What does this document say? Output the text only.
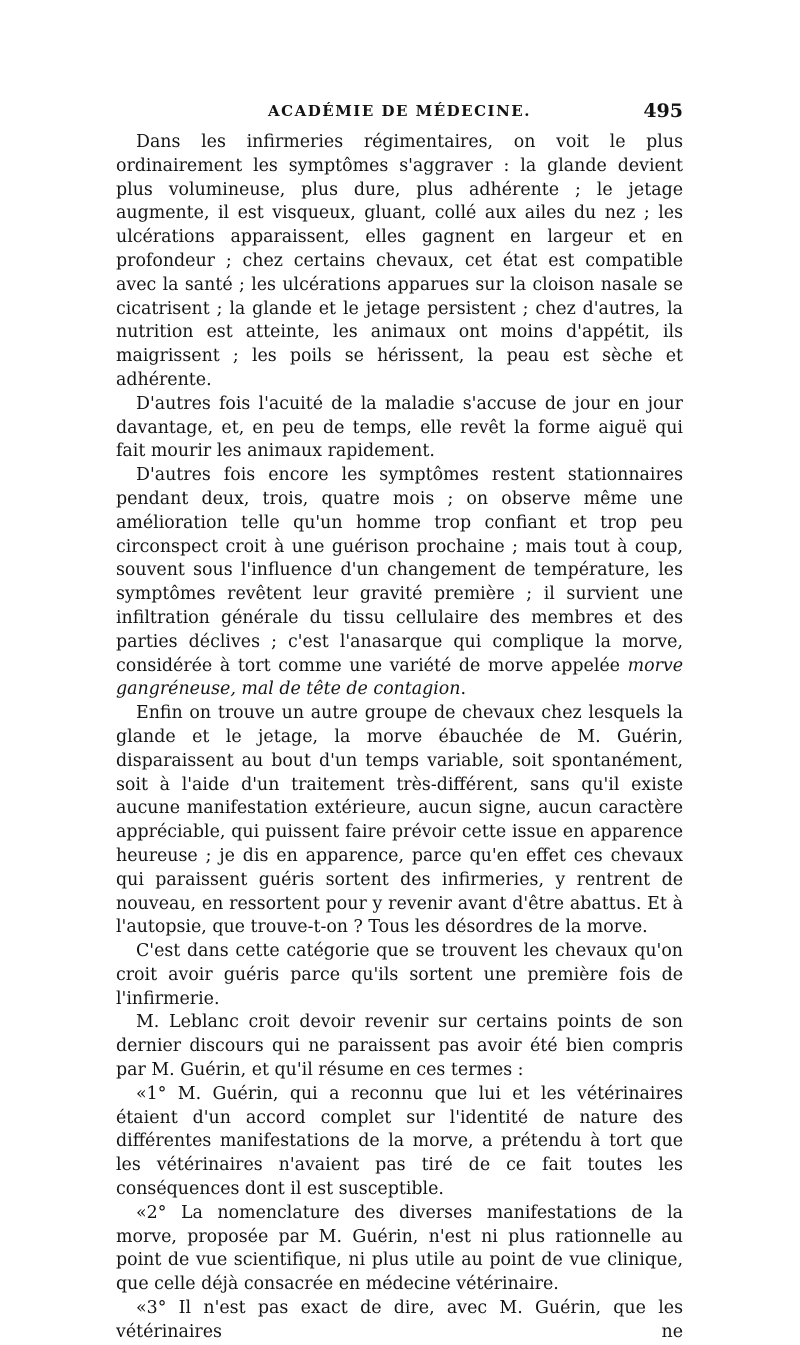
ACADÉMIE DE MÉDECINE.	495

Dans les infirmeries régimentaires, on voit le plus ordinairement les symptômes s'aggraver : la glande devient plus volumineuse, plus dure, plus adhérente ; le jetage augmente, il est visqueux, gluant, collé aux ailes du nez ; les ulcérations apparaissent, elles gagnent en largeur et en profondeur ; chez certains chevaux, cet état est compatible avec la santé ; les ulcérations apparues sur la cloison nasale se cicatrisent ; la glande et le jetage persistent ; chez d'autres, la nutrition est atteinte, les animaux ont moins d'appétit, ils maigrissent ; les poils se hérissent, la peau est sèche et adhérente.

D'autres fois l'acuité de la maladie s'accuse de jour en jour davantage, et, en peu de temps, elle revêt la forme aiguë qui fait mourir les animaux rapidement.

D'autres fois encore les symptômes restent stationnaires pendant deux, trois, quatre mois ; on observe même une amélioration telle qu'un homme trop confiant et trop peu circonspect croit à une guérison prochaine ; mais tout à coup, souvent sous l'influence d'un changement de température, les symptômes revêtent leur gravité première ; il survient une infiltration générale du tissu cellulaire des membres et des parties déclives ; c'est l'anasarque qui complique la morve, considérée à tort comme une variété de morve appelée morve gangréneuse, mal de tête de contagion.

Enfin on trouve un autre groupe de chevaux chez lesquels la glande et le jetage, la morve ébauchée de M. Guérin, disparaissent au bout d'un temps variable, soit spontanément, soit à l'aide d'un traitement très-différent, sans qu'il existe aucune manifestation extérieure, aucun signe, aucun caractère appréciable, qui puissent faire prévoir cette issue en apparence heureuse ; je dis en apparence, parce qu'en effet ces chevaux qui paraissent guéris sortent des infirmeries, y rentrent de nouveau, en ressortent pour y revenir avant d'être abattus. Et à l'autopsie, que trouve-t-on ? Tous les désordres de la morve.

C'est dans cette catégorie que se trouvent les chevaux qu'on croit avoir guéris parce qu'ils sortent une première fois de l'infirmerie.

M. Leblanc croit devoir revenir sur certains points de son dernier discours qui ne paraissent pas avoir été bien compris par M. Guérin, et qu'il résume en ces termes :

«1° M. Guérin, qui a reconnu que lui et les vétérinaires étaient d'un accord complet sur l'identité de nature des différentes manifestations de la morve, a prétendu à tort que les vétérinaires n'avaient pas tiré de ce fait toutes les conséquences dont il est susceptible.

«2° La nomenclature des diverses manifestations de la morve, proposée par M. Guérin, n'est ni plus rationnelle au point de vue scientifique, ni plus utile au point de vue clinique, que celle déjà consacrée en médecine vétérinaire.

«3° Il n'est pas exact de dire, avec M. Guérin, que les vétérinaires ne
